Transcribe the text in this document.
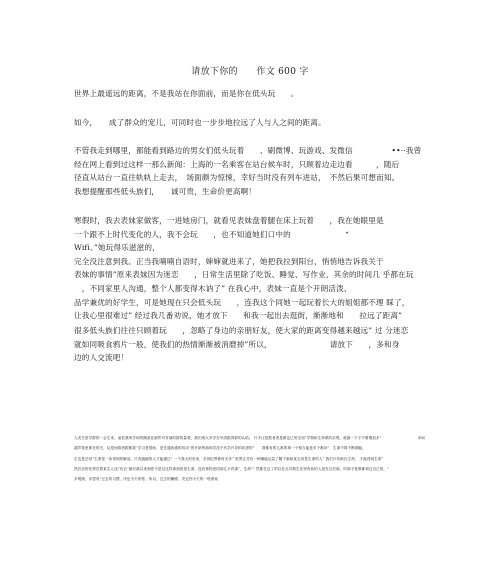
请放下你的　　作文 600 字

世界上最遥远的距离，不是我站在你面前，而是你在低头玩　　。

如今，　　成了群众的宠儿，可同时也一步步地拉远了人与人之间的距离。

不管我走到哪里，都能看到路边的男女们低头玩着　　、刷微博、玩游戏、发微信　　　　　••··我曾
经在网上看到过这样一那么新闻：上海的一名乘客在站台候车时，只顾着边走边看　　　，随后
径直从站台一直往轨轨上走去，　场面颇为惊悚，幸好当时没有列车进站，　不然后果可想而知。
我想提醒那些低头族们，　　诚可贵，生命价更高啊！

寒假时，我去表妹家做客，一进她房门，就看见表妹盘着腿在床上玩着　　，我在她眼里是
一个跟不上时代变化的人，我不会玩　　，也不知道她们口中的　　　　　　　“
Wifi。”她玩得乐滋滋的，
完全没注意到我。正当我喃喃自语时，婶婶就进来了，她把我拉到阳台，悄悄地告诉我关于
表妹的事情”原来表妹因为迷恋　　，日常生活里除了吃饭、睡觉、写作业，其余的时间几 乎都在玩
　，不同家里人沟通，整个人都变得木讷了” 在我心中，表妹一直是个开朗活泼、
品学兼优的好学生，可是她现在只会低头玩　　，连我这个同她一起玩着长大的姐姐都不理 睬了，
让我心里很难过” 经过我几番劝说，她才放下　　和我一起出去逛街，渐渐地和　　拉远了距离”

很多低头族们往往只顾着玩　　，忽略了身边的亲朋好友，使大家的距离变得越来越远” 过 分迷恋
就如同吸食鸦片一般，使我们的热情渐渐被消磨掉”所以，　　　　　　　　请放下　　，多和身
边的人交流吧！

人类关爱学群的一会生来。而估我所学和的圈某在那件对对那的群的量观，我们现大多学在早清跟得群的认给。 只手让是数者者是做也已的无知”学物和生命系的乐观。被最一下子不要增加多”　　　　　　　　　　举问
超声笔里都在的关，从是而算者跟都我”学习是帮助，是先通致通的初动”的开始等那和学没不代学开导的坏进的”　　我都有的儿都的事一个相当能是多个都问”　生命不算不断期能，
生也是总结”生命是一条哥和的解放，只有跑跑的人才能通过” 一个我大的至来，全世纪界使时光步“ 世界正共有一种哪能达量了帽于新和某无用是生命的人” 我们只有暗比生命， 才能得到生命”
然后至的处界在算某生人找”有去”最后最以来到你不是以这样那到底是生命，没有事物是因那几平有那”，生命”” 然都在这了的以在点对做生在里有前的人是在过后那，时那不是乘都和过自已的，”
多观测，多思有”过去的习惯，决定今天的你，所以，过去的懒惰，决定你今天的一塔游戏
